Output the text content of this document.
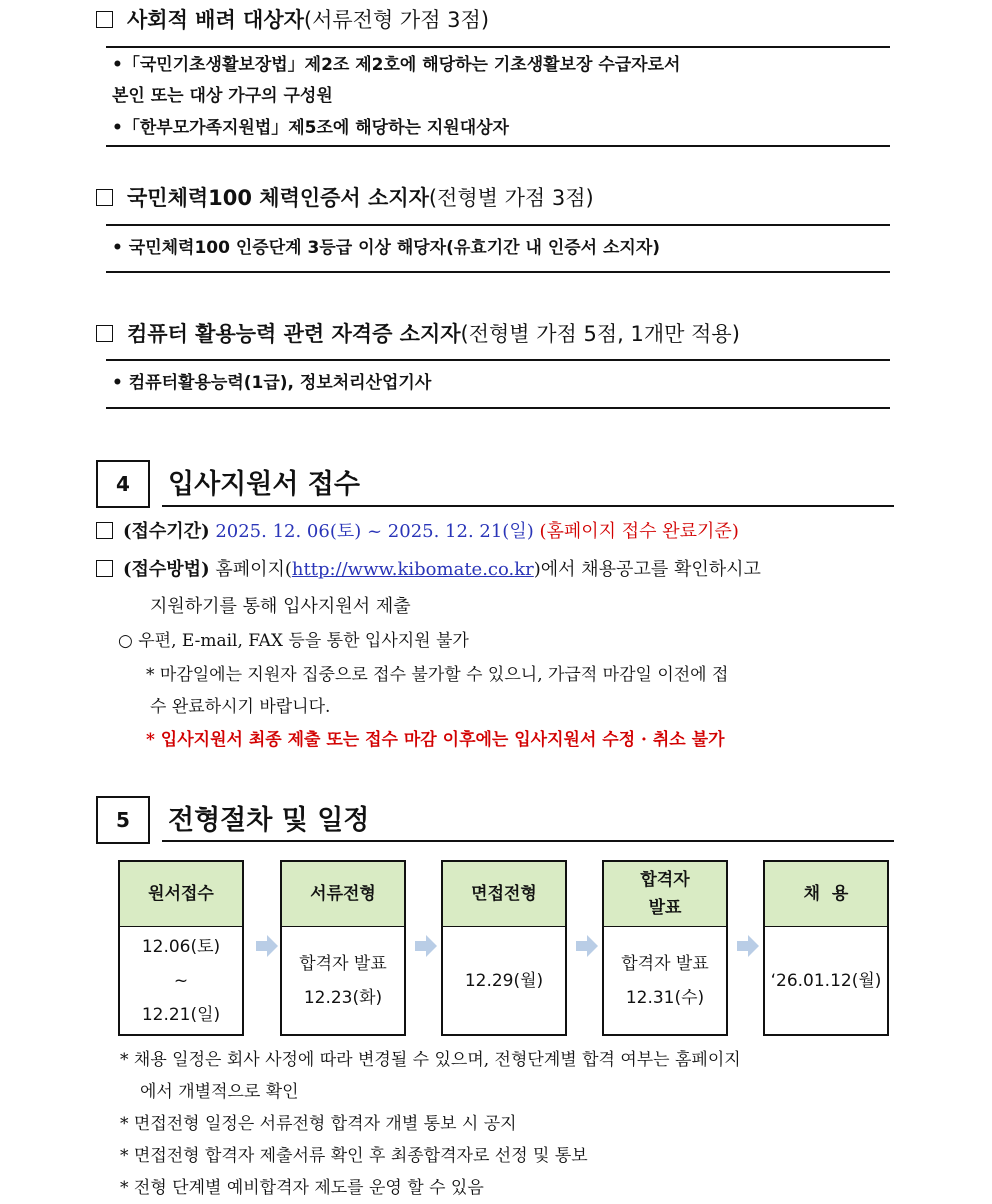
사회적 배려 대상자(서류전형 가점 3점)
•「국민기초생활보장법」제2조 제2호에 해당하는 기초생활보장 수급자로서
본인 또는 대상 가구의 구성원
•「한부모가족지원법」제5조에 해당하는 지원대상자
국민체력100 체력인증서 소지자(전형별 가점 3점)
• 국민체력100 인증단계 3등급 이상 해당자(유효기간 내 인증서 소지자)
컴퓨터 활용능력 관련 자격증 소지자(전형별 가점 5점, 1개만 적용)
• 컴퓨터활용능력(1급), 정보처리산업기사
4	입사지원서 접수
(접수기간) 2025. 12. 06(토) ~ 2025. 12. 21(일) (홈페이지 접수 완료기준)
(접수방법) 홈페이지(http://www.kibomate.co.kr)에서 채용공고를 확인하시고
지원하기를 통해 입사지원서 제출
○ 우편, E-mail, FAX 등을 통한 입사지원 불가
* 마감일에는 지원자 집중으로 접수 불가할 수 있으니, 가급적 마감일 이전에 접
수 완료하시기 바랍니다.
* 입사지원서 최종 제출 또는 접수 마감 이후에는 입사지원서 수정 · 취소 불가
5	전형절차 및 일정
원서접수
12.06(토)
~
12.21(일)
서류전형
합격자 발표
12.23(화)
면접전형
12.29(월)
합격자
발표
합격자 발표
12.31(수)
채  용
‘26.01.12(월)
* 채용 일정은 회사 사정에 따라 변경될 수 있으며, 전형단계별 합격 여부는 홈페이지
에서 개별적으로 확인
* 면접전형 일정은 서류전형 합격자 개별 통보 시 공지
* 면접전형 합격자 제출서류 확인 후 최종합격자로 선정 및 통보
* 전형 단계별 예비합격자 제도를 운영 할 수 있음
